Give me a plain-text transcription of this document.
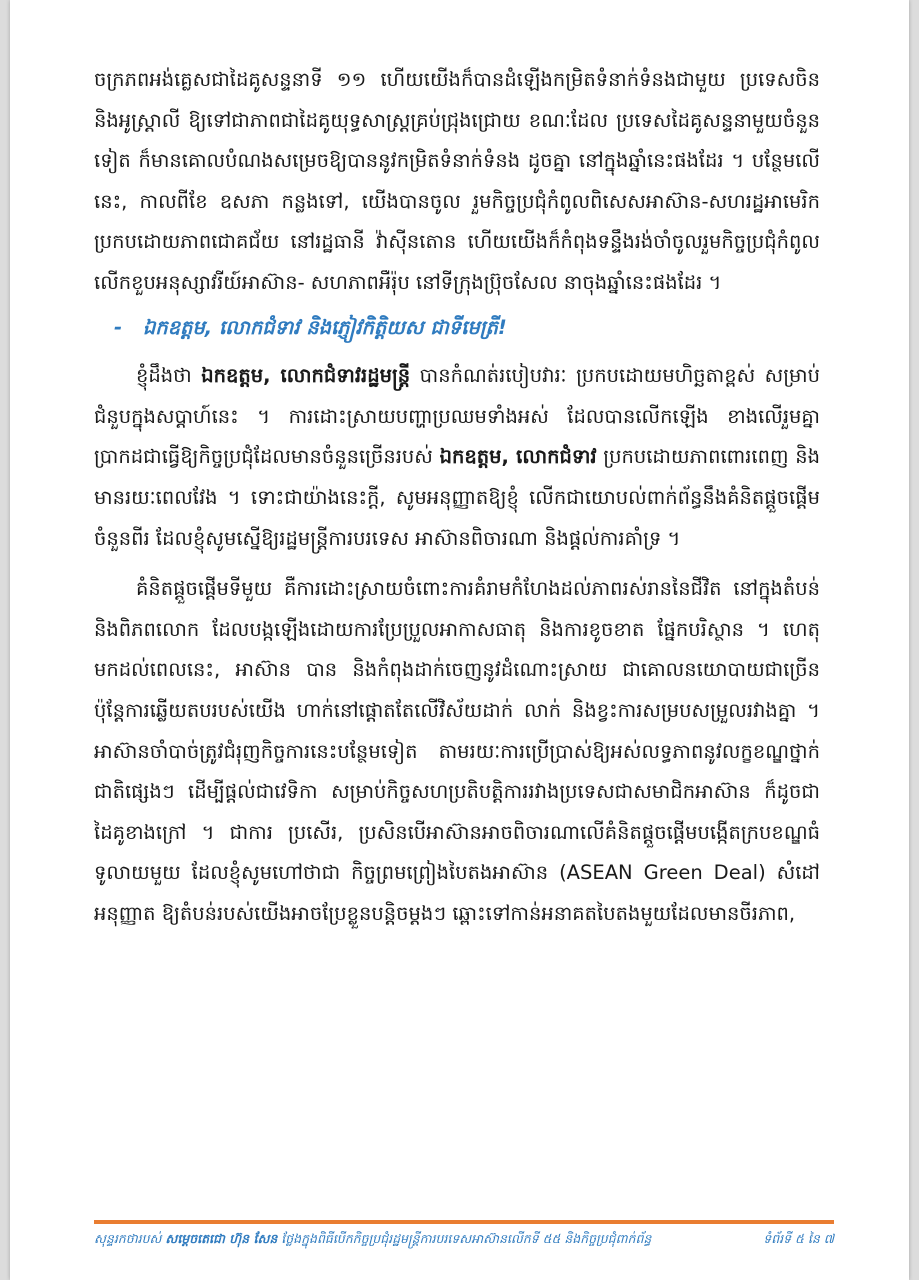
ចក្រភពអង់គ្លេសជាដៃគូសន្ទនាទី ១១ ហើយយើងក៏បានដំឡើងកម្រិតទំនាក់ទំនងជាមួយ ប្រទេសចិន និងអូស្ត្រាលី ឱ្យទៅជាភាពជាដៃគូយុទ្ធសាស្ត្រគ្រប់ជ្រុងជ្រោយ ខណៈដែល ប្រទេសដៃគូសន្ទនាមួយចំនួនទៀត ក៏មានគោលបំណងសម្រេចឱ្យបាននូវកម្រិតទំនាក់ទំនង ដូចគ្នា នៅក្នុងឆ្នាំនេះផងដែរ ។ បន្ថែមលើនេះ, កាលពីខែ ឧសភា កន្លងទៅ, យើងបានចូល រួមកិច្ចប្រជុំកំពូលពិសេសអាស៊ាន-សហរដ្ឋអាមេរិក ប្រកបដោយភាពជោគជ័យ នៅរដ្ឋធានី វ៉ាស៊ីនតោន ហើយយើងក៏កំពុងទន្ទឹងរង់ចាំចូលរួមកិច្ចប្រជុំកំពូលលើកខួបអនុស្សាវរីយ៍អាស៊ាន- សហភាពអឺរ៉ុប នៅទីក្រុងប្រ៊ុចសែល នាចុងឆ្នាំនេះផងដែរ ។

- ឯកឧត្តម, លោកជំទាវ និងភ្ញៀវកិត្តិយស ជាទីមេត្រី!

ខ្ញុំដឹងថា ឯកឧត្តម, លោកជំទាវរដ្ឋមន្ត្រី បានកំណត់របៀបវារៈ ប្រកបដោយមហិច្ឆតាខ្ពស់ សម្រាប់ជំនួបក្នុងសប្តាហ៍នេះ ។ ការដោះស្រាយបញ្ហាប្រឈមទាំងអស់ ដែលបានលើកឡើង ខាងលើរួមគ្នា ប្រាកដជាធ្វើឱ្យកិច្ចប្រជុំដែលមានចំនួនច្រើនរបស់ ឯកឧត្តម, លោកជំទាវ ប្រកបដោយភាពពោរពេញ និងមានរយៈពេលវែង ។ ទោះជាយ៉ាងនេះក្តី, សូមអនុញ្ញាតឱ្យខ្ញុំ លើកជាយោបល់ពាក់ព័ន្ធនឹងគំនិតផ្តួចផ្តើមចំនួនពីរ ដែលខ្ញុំសូមស្នើឱ្យរដ្ឋមន្ត្រីការបរទេស អាស៊ានពិចារណា និងផ្តល់ការគាំទ្រ ។

គំនិតផ្តួចផ្តើមទីមួយ គឺការដោះស្រាយចំពោះការគំរាមកំហែងដល់ភាពរស់រាននៃជីវិត នៅក្នុងតំបន់ និងពិភពលោក ដែលបង្កឡើងដោយការប្រែប្រួលអាកាសធាតុ និងការខូចខាត ផ្នែកបរិស្ថាន ។ ហេតុមកដល់ពេលនេះ, អាស៊ាន បាន និងកំពុងដាក់ចេញនូវដំណោះស្រាយ ជាគោលនយោបាយជាច្រើន ប៉ុន្តែការឆ្លើយតបរបស់យើង ហាក់នៅផ្តោតតែលើវិស័យដាក់ លាក់ និងខ្វះការសម្របសម្រួលរវាងគ្នា ។ អាស៊ានចាំបាច់ត្រូវជំរុញកិច្ចការនេះបន្ថែមទៀត តាមរយៈការប្រើប្រាស់ឱ្យអស់លទ្ធភាពនូវលក្ខខណ្ឌថ្នាក់ជាតិផ្សេងៗ ដើម្បីផ្តល់ជាវេទិកា សម្រាប់កិច្ចសហប្រតិបត្តិការរវាងប្រទេសជាសមាជិកអាស៊ាន ក៏ដូចជាដៃគូខាងក្រៅ ។ ជាការ ប្រសើរ, ប្រសិនបើអាស៊ានអាចពិចារណាលើគំនិតផ្តួចផ្តើមបង្កើតក្របខណ្ឌធំទូលាយមួយ ដែលខ្ញុំសូមហៅថាជា កិច្ចព្រមព្រៀងបៃតងអាស៊ាន (ASEAN Green Deal) សំដៅអនុញ្ញាត ឱ្យតំបន់របស់យើងអាចប្រែខ្លួនបន្តិចម្តងៗ ឆ្ពោះទៅកាន់អនាគតបៃតងមួយដែលមានចីរភាព,

សុន្ទរកថារបស់ សម្តេចតេជោ ហ៊ុន សែន ថ្លែងក្នុងពិធីបើកកិច្ចប្រជុំរដ្ឋមន្ត្រីការបរទេសអាស៊ានលើកទី ៥៥ និងកិច្ចប្រជុំពាក់ព័ន្ធ	ទំព័រទី ៥ នៃ ៧
